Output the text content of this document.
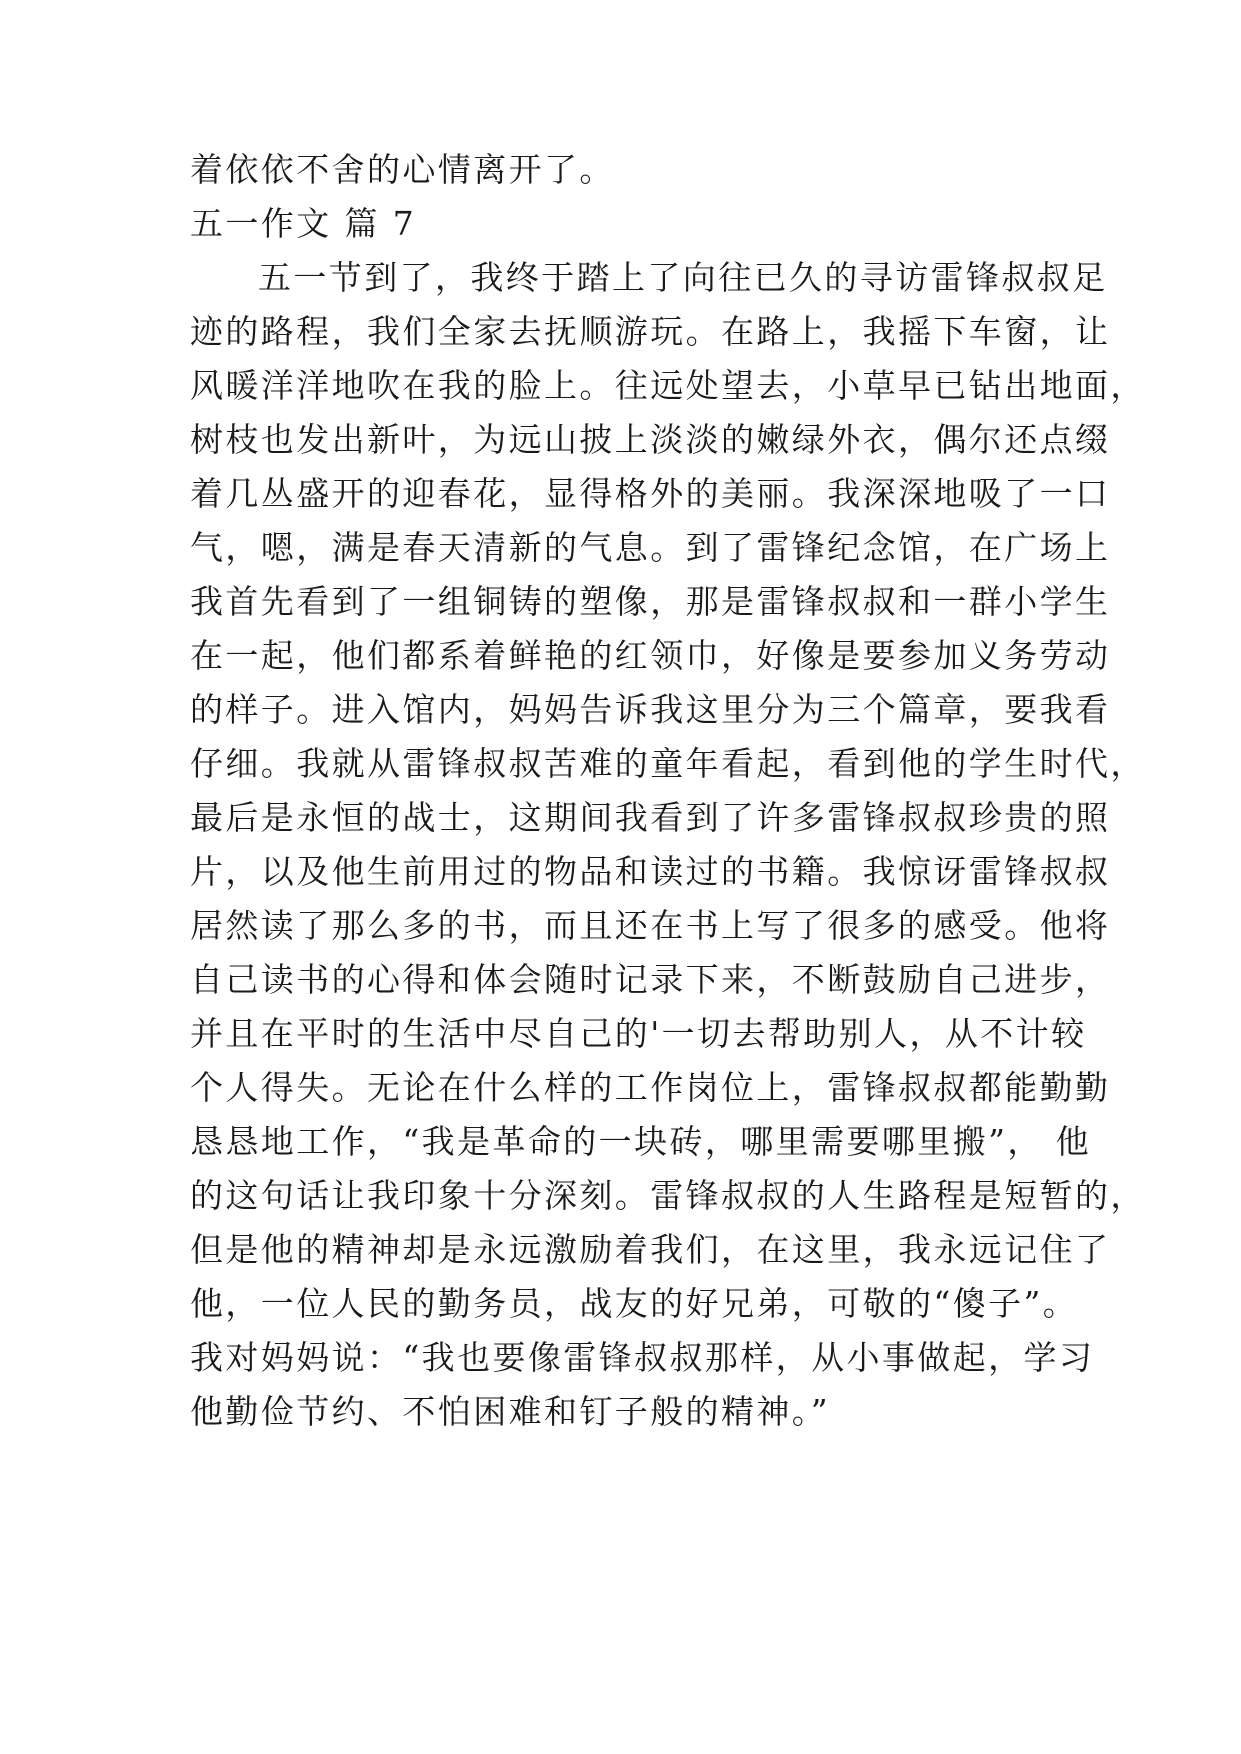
着依依不舍的心情离开了。
五一作文 篇 7
五一节到了，我终于踏上了向往已久的寻访雷锋叔叔足
迹的路程，我们全家去抚顺游玩。在路上，我摇下车窗，让
风暖洋洋地吹在我的脸上。往远处望去，小草早已钻出地面，
树枝也发出新叶，为远山披上淡淡的嫩绿外衣，偶尔还点缀
着几丛盛开的迎春花，显得格外的美丽。我深深地吸了一口
气，嗯，满是春天清新的气息。到了雷锋纪念馆，在广场上
我首先看到了一组铜铸的塑像，那是雷锋叔叔和一群小学生
在一起，他们都系着鲜艳的红领巾，好像是要参加义务劳动
的样子。进入馆内，妈妈告诉我这里分为三个篇章，要我看
仔细。我就从雷锋叔叔苦难的童年看起，看到他的学生时代，
最后是永恒的战士，这期间我看到了许多雷锋叔叔珍贵的照
片，以及他生前用过的物品和读过的书籍。我惊讶雷锋叔叔
居然读了那么多的书，而且还在书上写了很多的感受。他将
自己读书的心得和体会随时记录下来，不断鼓励自己进步，
并且在平时的生活中尽自己的'一切去帮助别人，从不计较
个人得失。无论在什么样的工作岗位上，雷锋叔叔都能勤勤
恳恳地工作，“我是革命的一块砖，哪里需要哪里搬”， 他
的这句话让我印象十分深刻。雷锋叔叔的人生路程是短暂的，
但是他的精神却是永远激励着我们，在这里，我永远记住了
他，一位人民的勤务员，战友的好兄弟，可敬的“傻子”。
我对妈妈说：“我也要像雷锋叔叔那样，从小事做起，学习
他勤俭节约、不怕困难和钉子般的精神。”
